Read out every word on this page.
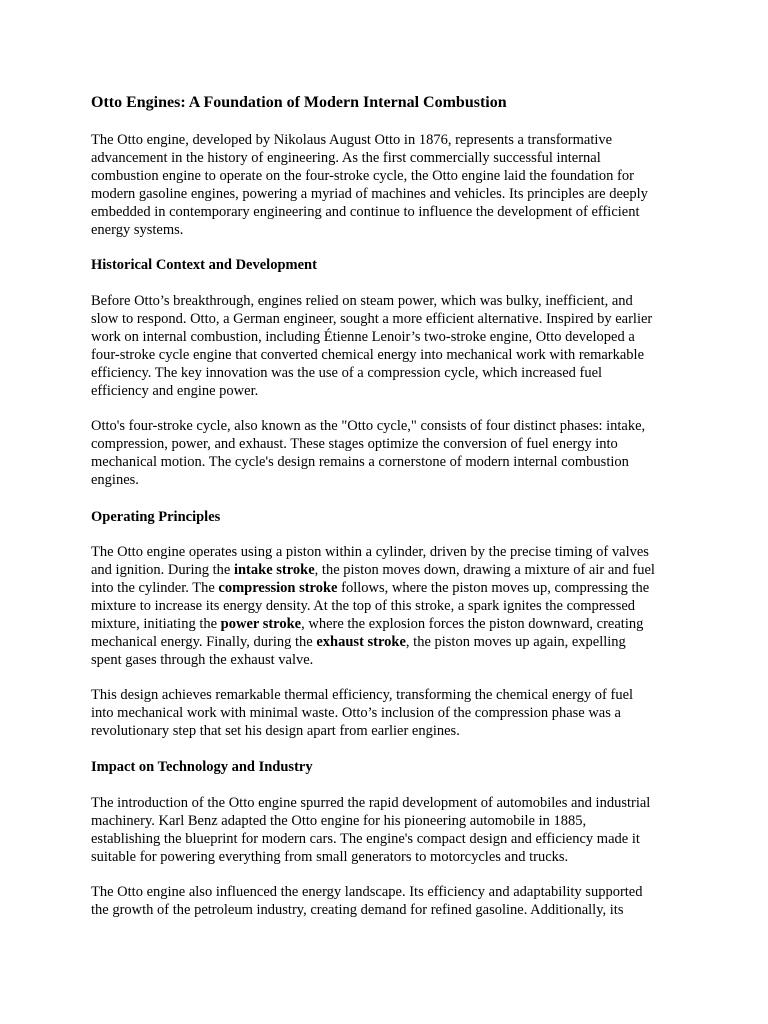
Otto Engines: A Foundation of Modern Internal Combustion

The Otto engine, developed by Nikolaus August Otto in 1876, represents a transformative
advancement in the history of engineering. As the first commercially successful internal
combustion engine to operate on the four-stroke cycle, the Otto engine laid the foundation for
modern gasoline engines, powering a myriad of machines and vehicles. Its principles are deeply
embedded in contemporary engineering and continue to influence the development of efficient
energy systems.

Historical Context and Development

Before Otto’s breakthrough, engines relied on steam power, which was bulky, inefficient, and
slow to respond. Otto, a German engineer, sought a more efficient alternative. Inspired by earlier
work on internal combustion, including Étienne Lenoir’s two-stroke engine, Otto developed a
four-stroke cycle engine that converted chemical energy into mechanical work with remarkable
efficiency. The key innovation was the use of a compression cycle, which increased fuel
efficiency and engine power.

Otto's four-stroke cycle, also known as the "Otto cycle," consists of four distinct phases: intake,
compression, power, and exhaust. These stages optimize the conversion of fuel energy into
mechanical motion. The cycle's design remains a cornerstone of modern internal combustion
engines.

Operating Principles

The Otto engine operates using a piston within a cylinder, driven by the precise timing of valves
and ignition. During the intake stroke, the piston moves down, drawing a mixture of air and fuel
into the cylinder. The compression stroke follows, where the piston moves up, compressing the
mixture to increase its energy density. At the top of this stroke, a spark ignites the compressed
mixture, initiating the power stroke, where the explosion forces the piston downward, creating
mechanical energy. Finally, during the exhaust stroke, the piston moves up again, expelling
spent gases through the exhaust valve.

This design achieves remarkable thermal efficiency, transforming the chemical energy of fuel
into mechanical work with minimal waste. Otto’s inclusion of the compression phase was a
revolutionary step that set his design apart from earlier engines.

Impact on Technology and Industry

The introduction of the Otto engine spurred the rapid development of automobiles and industrial
machinery. Karl Benz adapted the Otto engine for his pioneering automobile in 1885,
establishing the blueprint for modern cars. The engine's compact design and efficiency made it
suitable for powering everything from small generators to motorcycles and trucks.

The Otto engine also influenced the energy landscape. Its efficiency and adaptability supported
the growth of the petroleum industry, creating demand for refined gasoline. Additionally, its
